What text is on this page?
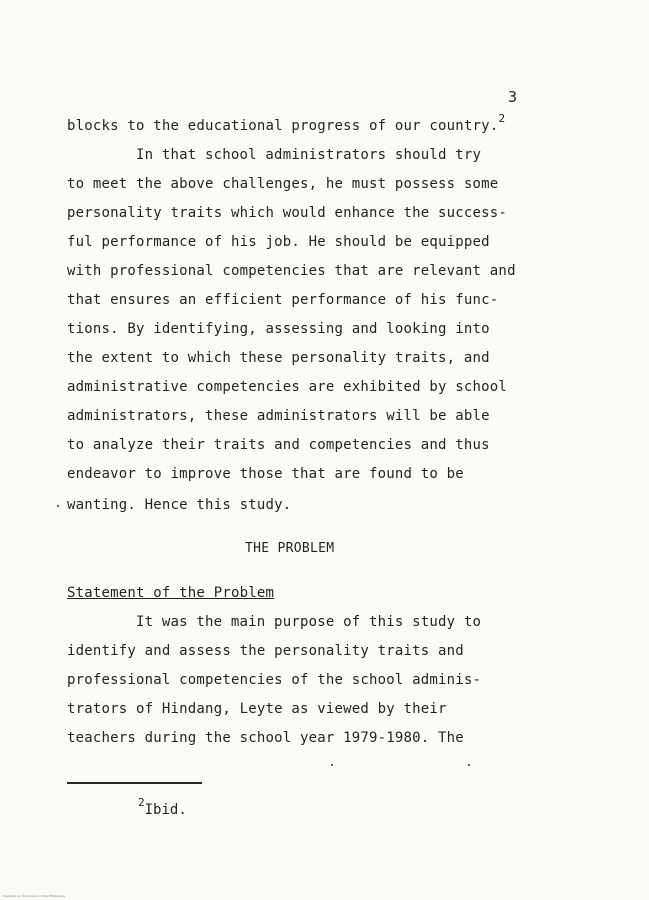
3
blocks to the educational progress of our country.$^2$
In that school administrators should try
to meet the above challenges, he must possess some
personality traits which would enhance the success-
ful performance of his job. He should be equipped
with professional competencies that are relevant and
that ensures an efficient performance of his func-
tions. By identifying, assessing and looking into
the extent to which these personality traits, and
administrative competencies are exhibited by school
administrators, these administrators will be able
to analyze their traits and competencies and thus
endeavor to improve those that are found to be
wanting. Hence this study.
THE PROBLEM
Statement of the Problem
It was the main purpose of this study to
identify and assess the personality traits and
professional competencies of the school adminis-
trators of Hindang, Leyte as viewed by their
teachers during the school year 1979-1980. The
$^2$Ibid.
Digitized by the Library of the Philippines
